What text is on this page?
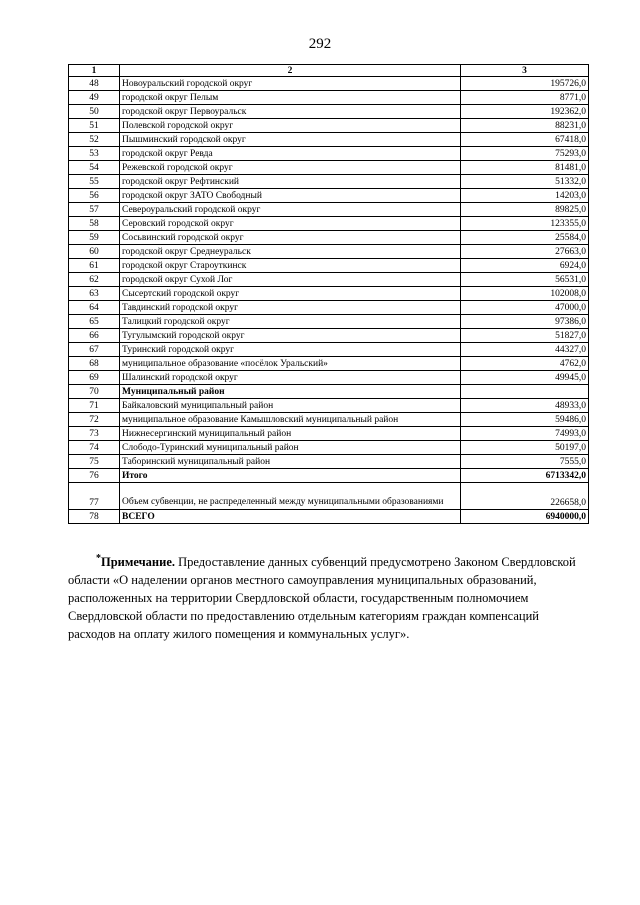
292
1	2	3
48	Новоуральский городской округ	195726,0
49	городской округ Пелым	8771,0
50	городской округ Первоуральск	192362,0
51	Полевской городской округ	88231,0
52	Пышминский городской округ	67418,0
53	городской округ Ревда	75293,0
54	Режевской городской округ	81481,0
55	городской округ Рефтинский	51332,0
56	городской округ ЗАТО Свободный	14203,0
57	Североуральский городской округ	89825,0
58	Серовский городской округ	123355,0
59	Сосьвинский городской округ	25584,0
60	городской округ Среднеуральск	27663,0
61	городской округ Староуткинск	6924,0
62	городской округ Сухой Лог	56531,0
63	Сысертский городской округ	102008,0
64	Тавдинский городской округ	47000,0
65	Талицкий городской округ	97386,0
66	Тугулымский городской округ	51827,0
67	Туринский городской округ	44327,0
68	муниципальное образование «посёлок Уральский»	4762,0
69	Шалинский городской округ	49945,0
70	Муниципальный район	
71	Байкаловский муниципальный район	48933,0
72	муниципальное образование Камышловский муниципальный район	59486,0
73	Нижнесергинский муниципальный район	74993,0
74	Слободо-Туринский муниципальный район	50197,0
75	Таборинский муниципальный район	7555,0
76	Итого	6713342,0
77	Объем субвенции, не распределенный между муниципальными образованиями	226658,0
78	ВСЕГО	6940000,0

*Примечание. Предоставление данных субвенций предусмотрено Законом Свердловской области «О наделении органов местного самоуправления муниципальных образований, расположенных на территории Свердловской области, государственным полномочием Свердловской области по предоставлению отдельным категориям граждан компенсаций расходов на оплату жилого помещения и коммунальных услуг».
